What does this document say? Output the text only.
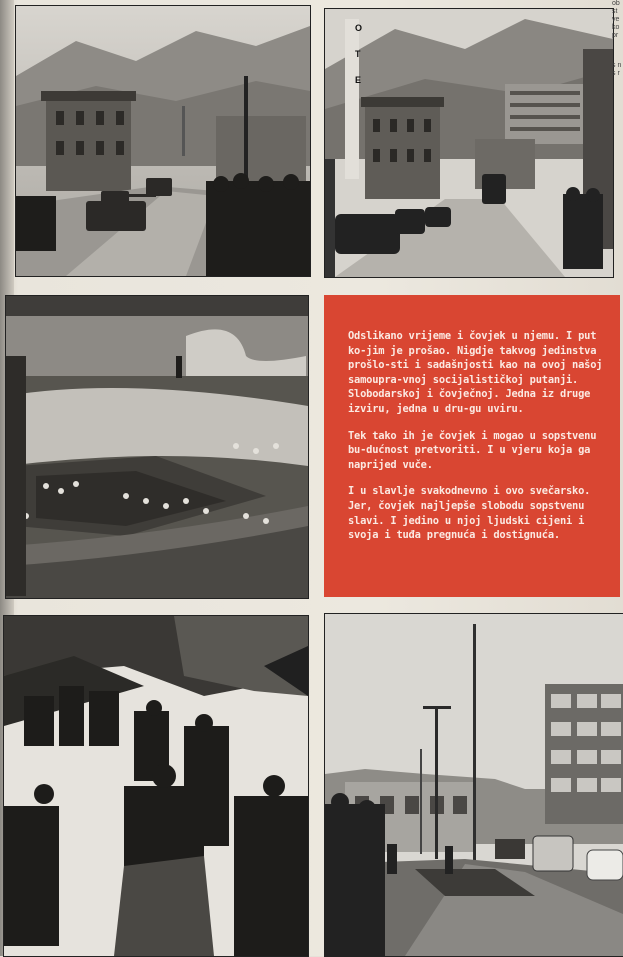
O
T
E

Odslikano vrijeme i čovjek u njemu. I put ko-jim je prošao. Nigdje takvog jedinstva prošlo-sti i sadašnjosti kao na ovoj našoj samoupra-vnoj socijalističkoj putanji. Slobodarskoj i čovječnoj. Jedna iz druge izviru, jedna u dru-gu uviru.

Tek tako ih je čovjek i mogao u sopstvenu bu-dućnost pretvoriti. I u vjeru koja ga naprijed vuče.

I u slavlje svakodnevno i ovo svečarsko. Jer, čovjek najljepše slobodu sopstvenu slavi. I jedino u njoj ljudski cijeni i svoja i tuđa pregnuća i dostignuća.

ob st ve ko pr
s n s r
